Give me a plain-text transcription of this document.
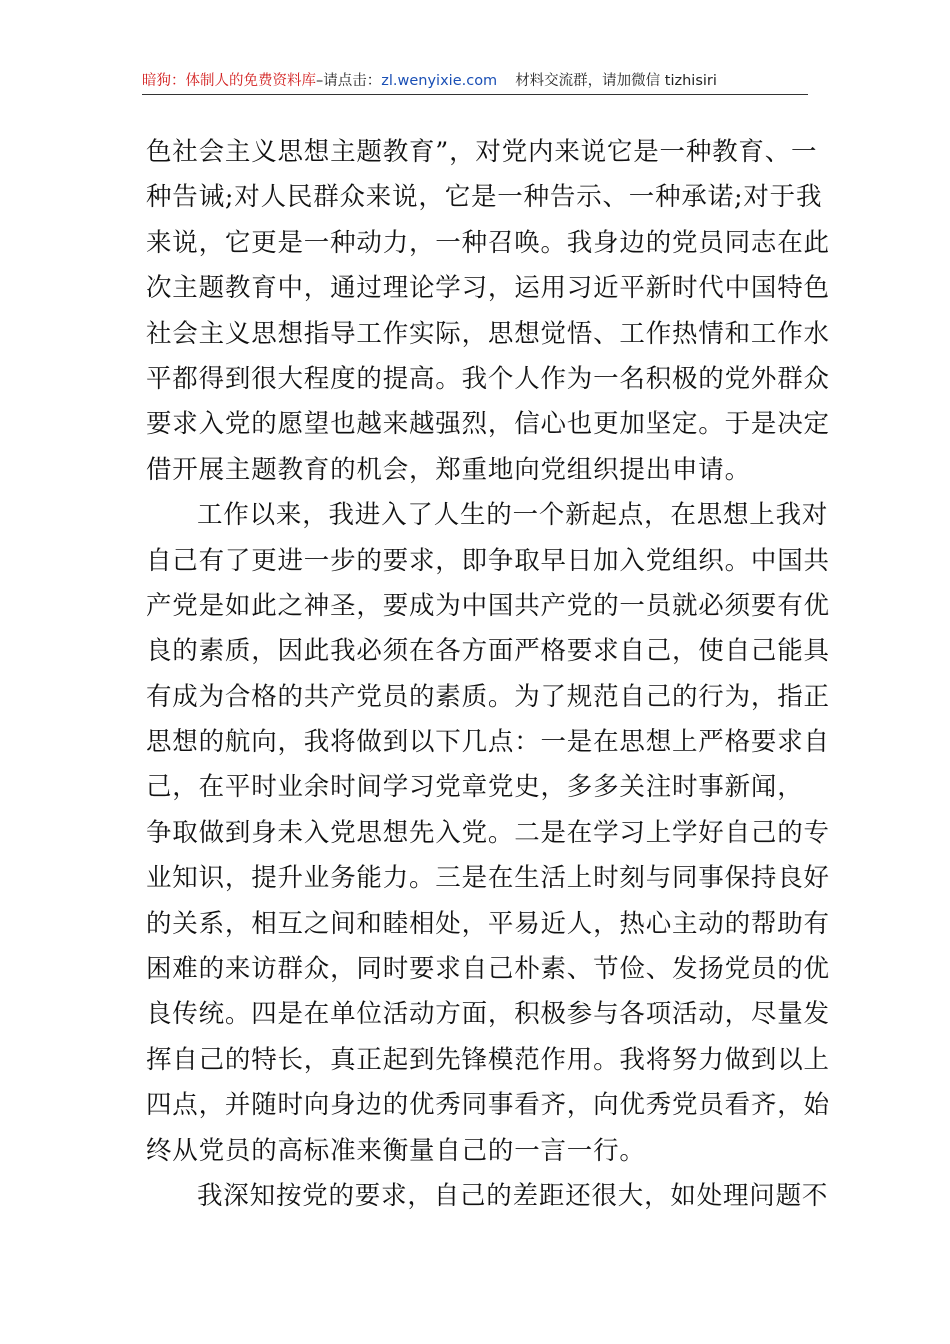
暗狗：体制人的免费资料库–请点击：zl.wenyixie.com 材料交流群，请加微信 tizhisiri
色社会主义思想主题教育”，对党内来说它是一种教育、一
种告诫;对人民群众来说，它是一种告示、一种承诺;对于我
来说，它更是一种动力，一种召唤。我身边的党员同志在此
次主题教育中，通过理论学习，运用习近平新时代中国特色
社会主义思想指导工作实际，思想觉悟、工作热情和工作水
平都得到很大程度的提高。我个人作为一名积极的党外群众
要求入党的愿望也越来越强烈，信心也更加坚定。于是决定
借开展主题教育的机会，郑重地向党组织提出申请。
工作以来，我进入了人生的一个新起点，在思想上我对
自己有了更进一步的要求，即争取早日加入党组织。中国共
产党是如此之神圣，要成为中国共产党的一员就必须要有优
良的素质，因此我必须在各方面严格要求自己，使自己能具
有成为合格的共产党员的素质。为了规范自己的行为，指正
思想的航向，我将做到以下几点：一是在思想上严格要求自
己，在平时业余时间学习党章党史，多多关注时事新闻，
争取做到身未入党思想先入党。二是在学习上学好自己的专
业知识，提升业务能力。三是在生活上时刻与同事保持良好
的关系，相互之间和睦相处，平易近人，热心主动的帮助有
困难的来访群众，同时要求自己朴素、节俭、发扬党员的优
良传统。四是在单位活动方面，积极参与各项活动，尽量发
挥自己的特长，真正起到先锋模范作用。我将努力做到以上
四点，并随时向身边的优秀同事看齐，向优秀党员看齐，始
终从党员的高标准来衡量自己的一言一行。
我深知按党的要求，自己的差距还很大，如处理问题不
